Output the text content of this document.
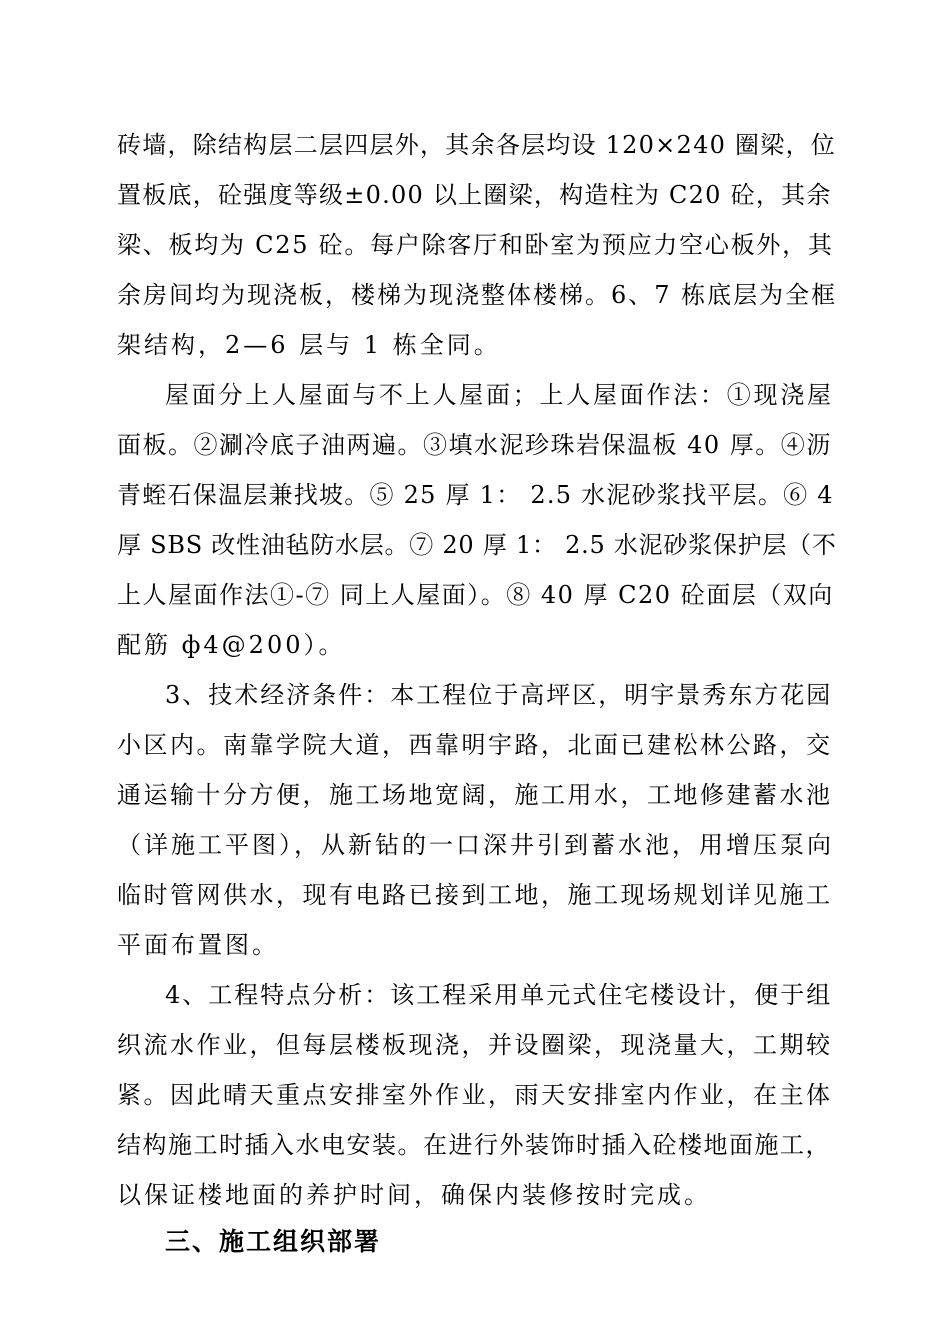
砖墙，除结构层二层四层外，其余各层均设 120×240 圈梁，位
置板底，砼强度等级±0.00 以上圈梁，构造柱为 C20 砼，其余
梁、板均为 C25 砼。每户除客厅和卧室为预应力空心板外，其
余房间均为现浇板，楼梯为现浇整体楼梯。6、7 栋底层为全框
架结构，2—6 层与 1 栋全同。
屋面分上人屋面与不上人屋面；上人屋面作法：①现浇屋
面板。②涮冷底子油两遍。③填水泥珍珠岩保温板 40 厚。④沥
青蛭石保温层兼找坡。⑤ 25 厚 1： 2.5 水泥砂浆找平层。⑥ 4
厚 SBS 改性油毡防水层。⑦ 20 厚 1： 2.5 水泥砂浆保护层（不
上人屋面作法①-⑦ 同上人屋面）。⑧ 40 厚 C20 砼面层（双向
配筋 ф4@200）。
3、技术经济条件：本工程位于高坪区，明宇景秀东方花园
小区内。南靠学院大道，西靠明宇路，北面已建松林公路，交
通运输十分方便，施工场地宽阔，施工用水，工地修建蓄水池
（详施工平图），从新钻的一口深井引到蓄水池，用增压泵向
临时管网供水，现有电路已接到工地，施工现场规划详见施工
平面布置图。
4、工程特点分析：该工程采用单元式住宅楼设计，便于组
织流水作业，但每层楼板现浇，并设圈梁，现浇量大，工期较
紧。因此晴天重点安排室外作业，雨天安排室内作业，在主体
结构施工时插入水电安装。在进行外装饰时插入砼楼地面施工，
以保证楼地面的养护时间，确保内装修按时完成。
三、施工组织部署
